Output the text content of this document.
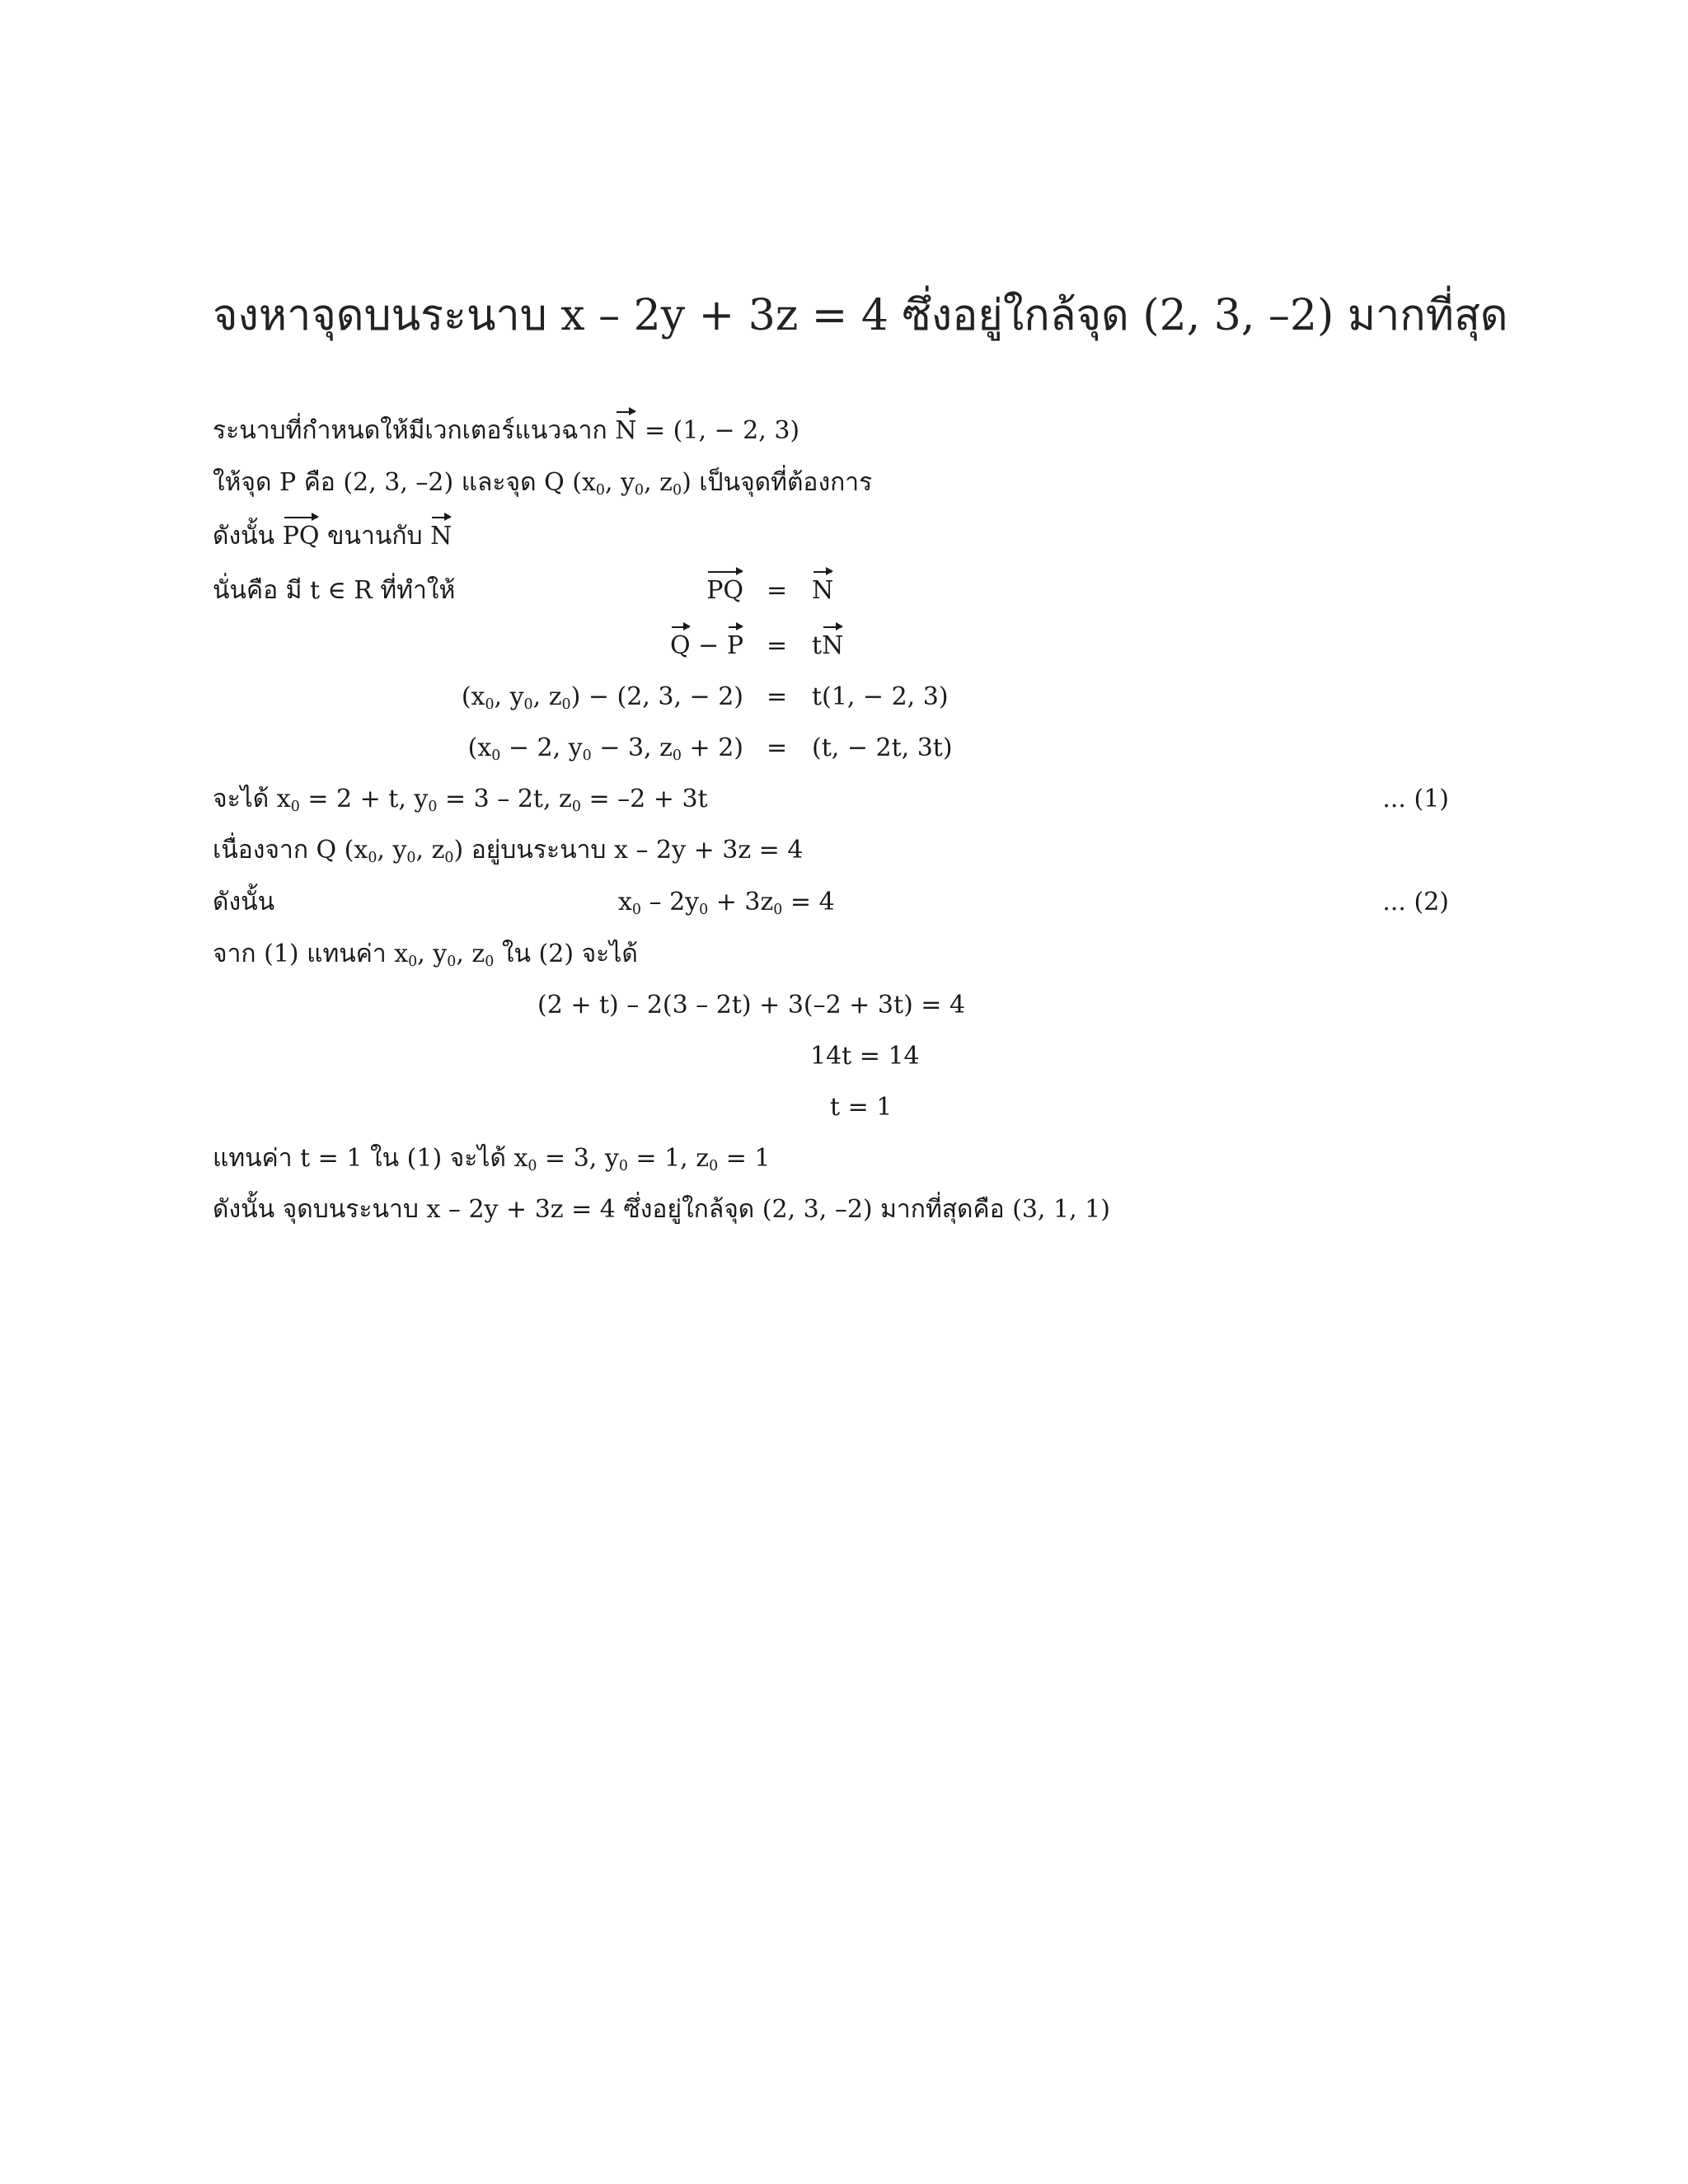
จงหาจุดบนระนาบ x – 2y + 3z = 4 ซึ่งอยู่ใกล้จุด (2, 3, –2) มากที่สุด
ระนาบที่กำหนดให้มีเวกเตอร์แนวฉาก N = (1, − 2, 3)
ให้จุด P คือ (2, 3, –2) และจุด Q ($x_0$, $y_0$, $z_0$) เป็นจุดที่ต้องการ
ดังนั้น PQ ขนานกับ N
นั่นคือ มี t ∈ R ที่ทำให้	PQ = N
Q − P = tN
($x_0$, $y_0$, $z_0) - (2$, 3, − 2) = t(1, − 2, 3)
($x_0 - 2$, $y_0 - 3$, $z_0 + 2) = (t$, − 2t, 3t)
จะได้ $x_0 = 2 + t$, $y_0 = 3 - 2t$, $z_0 = -2 + 3t$	... (1)
เนื่องจาก Q ($x_0$, $y_0$, $z_0$) อยู่บนระนาบ x – 2y + 3z = 4
ดังนั้น	$x_0 - 2y_0 + 3z_0 = 4$	... (2)
จาก (1) แทนค่า $x_0$, $y_0$, $z_0$ ใน (2) จะได้
(2 + t) – 2(3 – 2t) + 3(–2 + 3t) = 4
14t = 14
t = 1
แทนค่า t = 1 ใน (1) จะได้ $x_0 = 3$, $y_0 = 1$, $z_0 = 1$
ดังนั้น จุดบนระนาบ x – 2y + 3z = 4 ซึ่งอยู่ใกล้จุด (2, 3, –2) มากที่สุดคือ (3, 1, 1)
